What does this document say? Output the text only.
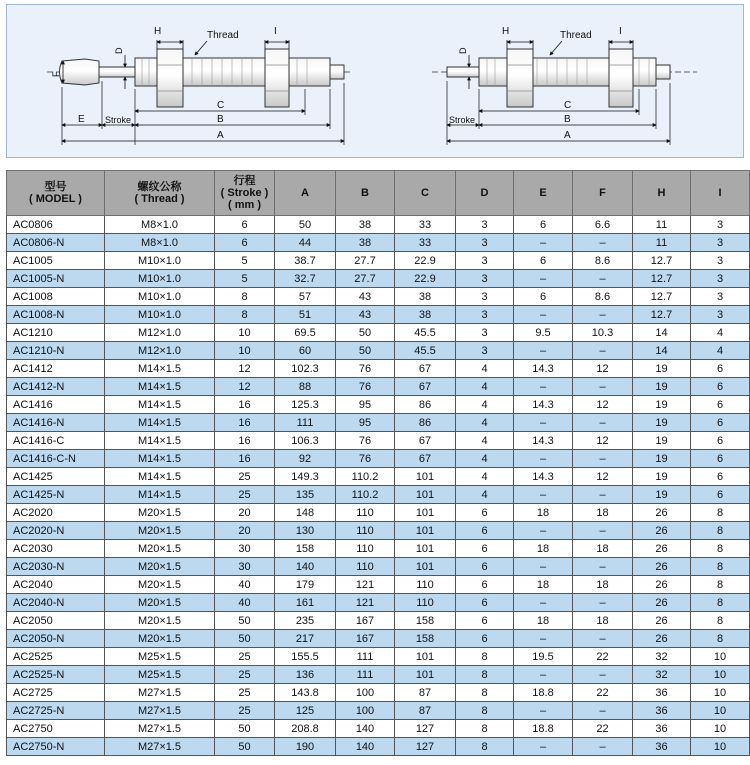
H	Thread	I
D
F
C
E Stroke	B
A
H	Thread	I
D
C
Stroke	B
A
型号
( MODEL )	螺纹公称
( Thread )	行程
( Stroke )
( mm )	A	B	C	D	E	F	H	I
AC0806	M8×1.0	6	50	38	33	3	6	6.6	11	3
AC0806-N	M8×1.0	6	44	38	33	3	–	–	11	3
AC1005	M10×1.0	5	38.7	27.7	22.9	3	6	8.6	12.7	3
AC1005-N	M10×1.0	5	32.7	27.7	22.9	3	–	–	12.7	3
AC1008	M10×1.0	8	57	43	38	3	6	8.6	12.7	3
AC1008-N	M10×1.0	8	51	43	38	3	–	–	12.7	3
AC1210	M12×1.0	10	69.5	50	45.5	3	9.5	10.3	14	4
AC1210-N	M12×1.0	10	60	50	45.5	3	–	–	14	4
AC1412	M14×1.5	12	102.3	76	67	4	14.3	12	19	6
AC1412-N	M14×1.5	12	88	76	67	4	–	–	19	6
AC1416	M14×1.5	16	125.3	95	86	4	14.3	12	19	6
AC1416-N	M14×1.5	16	111	95	86	4	–	–	19	6
AC1416-C	M14×1.5	16	106.3	76	67	4	14.3	12	19	6
AC1416-C-N	M14×1.5	16	92	76	67	4	–	–	19	6
AC1425	M14×1.5	25	149.3	110.2	101	4	14.3	12	19	6
AC1425-N	M14×1.5	25	135	110.2	101	4	–	–	19	6
AC2020	M20×1.5	20	148	110	101	6	18	18	26	8
AC2020-N	M20×1.5	20	130	110	101	6	–	–	26	8
AC2030	M20×1.5	30	158	110	101	6	18	18	26	8
AC2030-N	M20×1.5	30	140	110	101	6	–	–	26	8
AC2040	M20×1.5	40	179	121	110	6	18	18	26	8
AC2040-N	M20×1.5	40	161	121	110	6	–	–	26	8
AC2050	M20×1.5	50	235	167	158	6	18	18	26	8
AC2050-N	M20×1.5	50	217	167	158	6	–	–	26	8
AC2525	M25×1.5	25	155.5	111	101	8	19.5	22	32	10
AC2525-N	M25×1.5	25	136	111	101	8	–	–	32	10
AC2725	M27×1.5	25	143.8	100	87	8	18.8	22	36	10
AC2725-N	M27×1.5	25	125	100	87	8	–	–	36	10
AC2750	M27×1.5	50	208.8	140	127	8	18.8	22	36	10
AC2750-N	M27×1.5	50	190	140	127	8	–	–	36	10
